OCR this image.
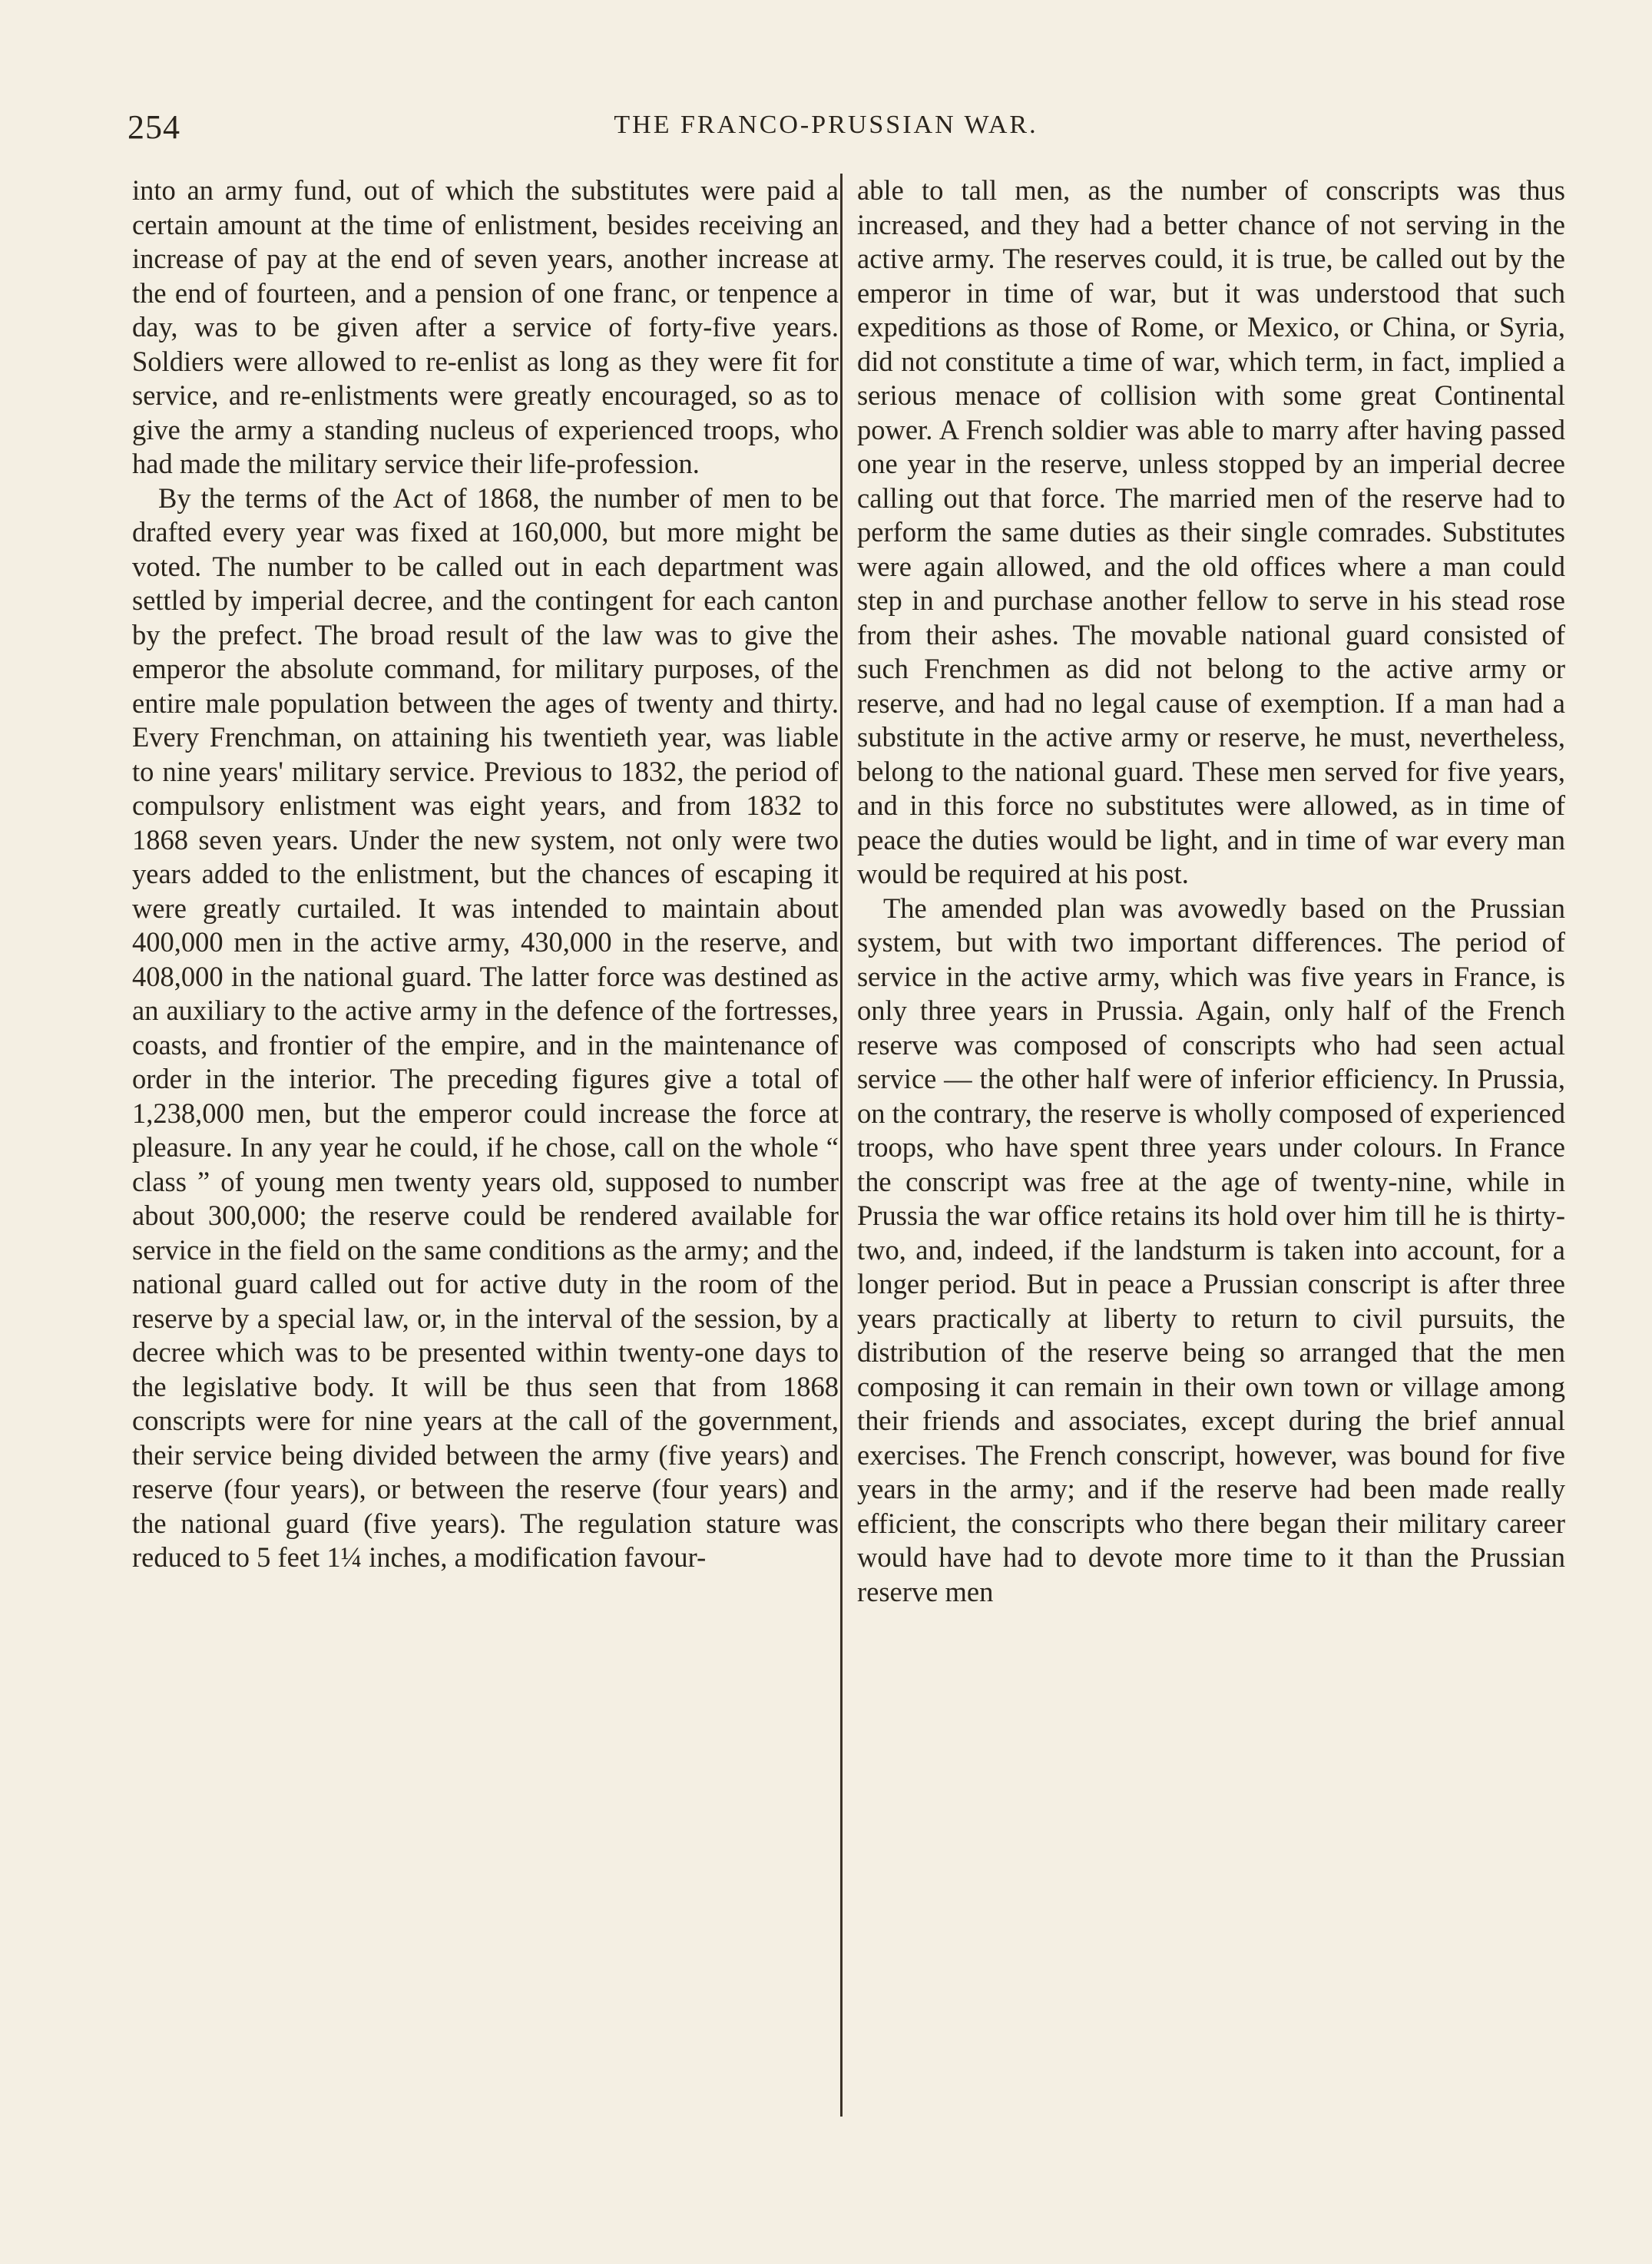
254	THE FRANCO-PRUSSIAN WAR.

into an army fund, out of which the substitutes were paid a certain amount at the time of enlistment, besides receiving an increase of pay at the end of seven years, another increase at the end of fourteen, and a pension of one franc, or tenpence a day, was to be given after a service of forty-five years. Soldiers were allowed to re-enlist as long as they were fit for service, and re-enlistments were greatly encouraged, so as to give the army a standing nucleus of experienced troops, who had made the military service their life-profession.

By the terms of the Act of 1868, the number of men to be drafted every year was fixed at 160,000, but more might be voted. The number to be called out in each department was settled by imperial decree, and the contingent for each canton by the prefect. The broad result of the law was to give the emperor the absolute command, for military purposes, of the entire male population between the ages of twenty and thirty. Every Frenchman, on attaining his twentieth year, was liable to nine years' military service. Previous to 1832, the period of compulsory enlistment was eight years, and from 1832 to 1868 seven years. Under the new system, not only were two years added to the enlistment, but the chances of escaping it were greatly curtailed. It was intended to maintain about 400,000 men in the active army, 430,000 in the reserve, and 408,000 in the national guard. The latter force was destined as an auxiliary to the active army in the defence of the fortresses, coasts, and frontier of the empire, and in the maintenance of order in the interior. The preceding figures give a total of 1,238,000 men, but the emperor could increase the force at pleasure. In any year he could, if he chose, call on the whole “ class ” of young men twenty years old, supposed to number about 300,000; the reserve could be rendered available for service in the field on the same conditions as the army; and the national guard called out for active duty in the room of the reserve by a special law, or, in the interval of the session, by a decree which was to be presented within twenty-one days to the legislative body. It will be thus seen that from 1868 conscripts were for nine years at the call of the government, their service being divided between the army (five years) and reserve (four years), or between the reserve (four years) and the national guard (five years). The regulation stature was reduced to 5 feet 1¼ inches, a modification favour-

able to tall men, as the number of conscripts was thus increased, and they had a better chance of not serving in the active army. The reserves could, it is true, be called out by the emperor in time of war, but it was understood that such expeditions as those of Rome, or Mexico, or China, or Syria, did not constitute a time of war, which term, in fact, implied a serious menace of collision with some great Continental power. A French soldier was able to marry after having passed one year in the reserve, unless stopped by an imperial decree calling out that force. The married men of the reserve had to perform the same duties as their single comrades. Substitutes were again allowed, and the old offices where a man could step in and purchase another fellow to serve in his stead rose from their ashes. The movable national guard consisted of such Frenchmen as did not belong to the active army or reserve, and had no legal cause of exemption. If a man had a substitute in the active army or reserve, he must, nevertheless, belong to the national guard. These men served for five years, and in this force no substitutes were allowed, as in time of peace the duties would be light, and in time of war every man would be required at his post.

The amended plan was avowedly based on the Prussian system, but with two important differences. The period of service in the active army, which was five years in France, is only three years in Prussia. Again, only half of the French reserve was composed of conscripts who had seen actual service — the other half were of inferior efficiency. In Prussia, on the contrary, the reserve is wholly composed of experienced troops, who have spent three years under colours. In France the conscript was free at the age of twenty-nine, while in Prussia the war office retains its hold over him till he is thirty-two, and, indeed, if the landsturm is taken into account, for a longer period. But in peace a Prussian conscript is after three years practically at liberty to return to civil pursuits, the distribution of the reserve being so arranged that the men composing it can remain in their own town or village among their friends and associates, except during the brief annual exercises. The French conscript, however, was bound for five years in the army; and if the reserve had been made really efficient, the conscripts who there began their military career would have had to devote more time to it than the Prussian reserve men
